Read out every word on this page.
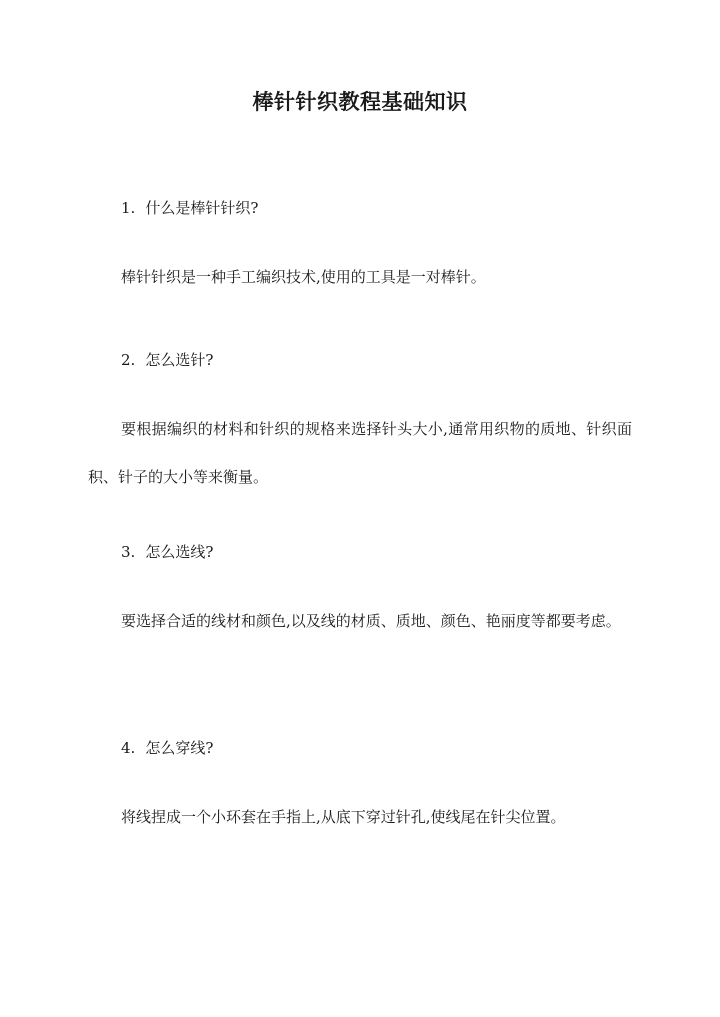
棒针针织教程基础知识
1. 什么是棒针针织?
棒针针织是一种手工编织技术,使用的工具是一对棒针。
2. 怎么选针?
要根据编织的材料和针织的规格来选择针头大小,通常用织物的质地、针织面积、针子的大小等来衡量。
3. 怎么选线?
要选择合适的线材和颜色,以及线的材质、质地、颜色、艳丽度等都要考虑。
4. 怎么穿线?
将线捏成一个小环套在手指上,从底下穿过针孔,使线尾在针尖位置。
